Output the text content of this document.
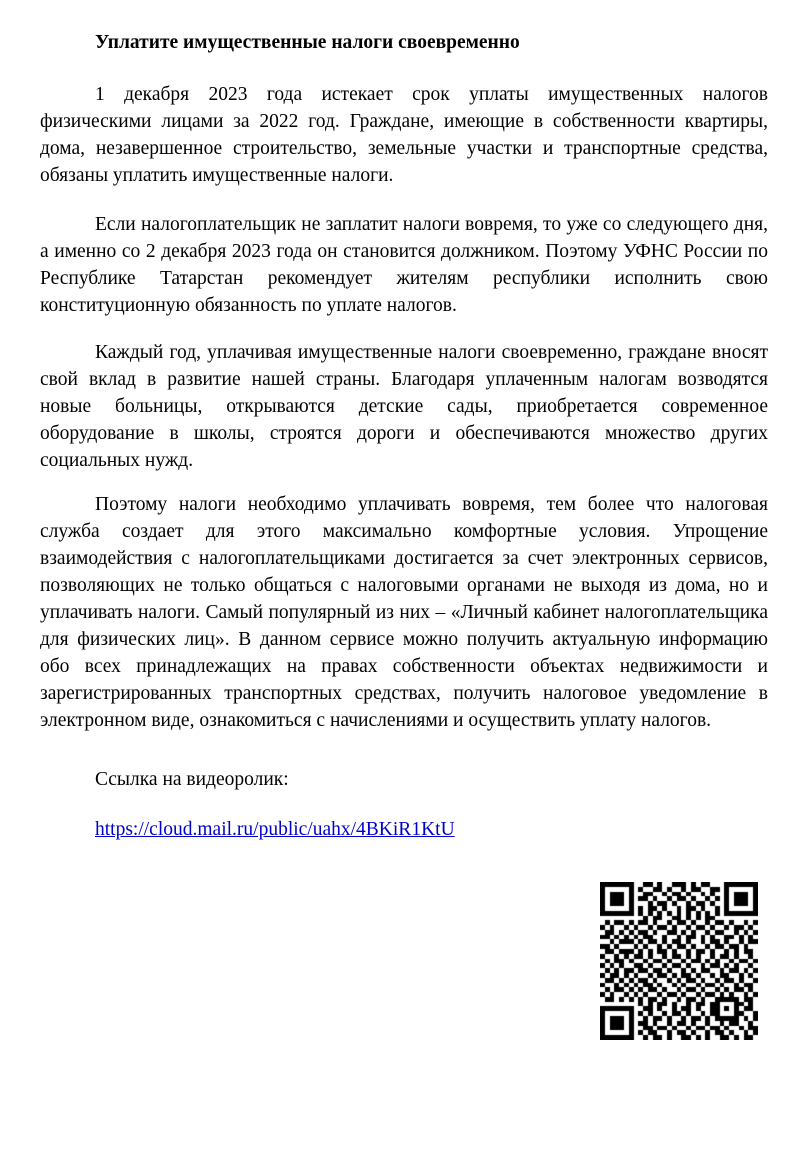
Уплатите имущественные налоги своевременно

1 декабря 2023 года истекает срок уплаты имущественных налогов физическими лицами за 2022 год. Граждане, имеющие в собственности квартиры, дома, незавершенное строительство, земельные участки и транспортные средства, обязаны уплатить имущественные налоги.

Если налогоплательщик не заплатит налоги вовремя, то уже со следующего дня, а именно со 2 декабря 2023 года он становится должником. Поэтому УФНС России по Республике Татарстан рекомендует жителям республики исполнить свою конституционную обязанность по уплате налогов.

Каждый год, уплачивая имущественные налоги своевременно, граждане вносят свой вклад в развитие нашей страны. Благодаря уплаченным налогам возводятся новые больницы, открываются детские сады, приобретается современное оборудование в школы, строятся дороги и обеспечиваются множество других социальных нужд.

Поэтому налоги необходимо уплачивать вовремя, тем более что налоговая служба создает для этого максимально комфортные условия. Упрощение взаимодействия с налогоплательщиками достигается за счет электронных сервисов, позволяющих не только общаться с налоговыми органами не выходя из дома, но и уплачивать налоги. Самый популярный из них – «Личный кабинет налогоплательщика для физических лиц». В данном сервисе можно получить актуальную информацию обо всех принадлежащих на правах собственности объектах недвижимости и зарегистрированных транспортных средствах, получить налоговое уведомление в электронном виде, ознакомиться с начислениями и осуществить уплату налогов.

Ссылка на видеоролик:

https://cloud.mail.ru/public/uahx/4BKiR1KtU
